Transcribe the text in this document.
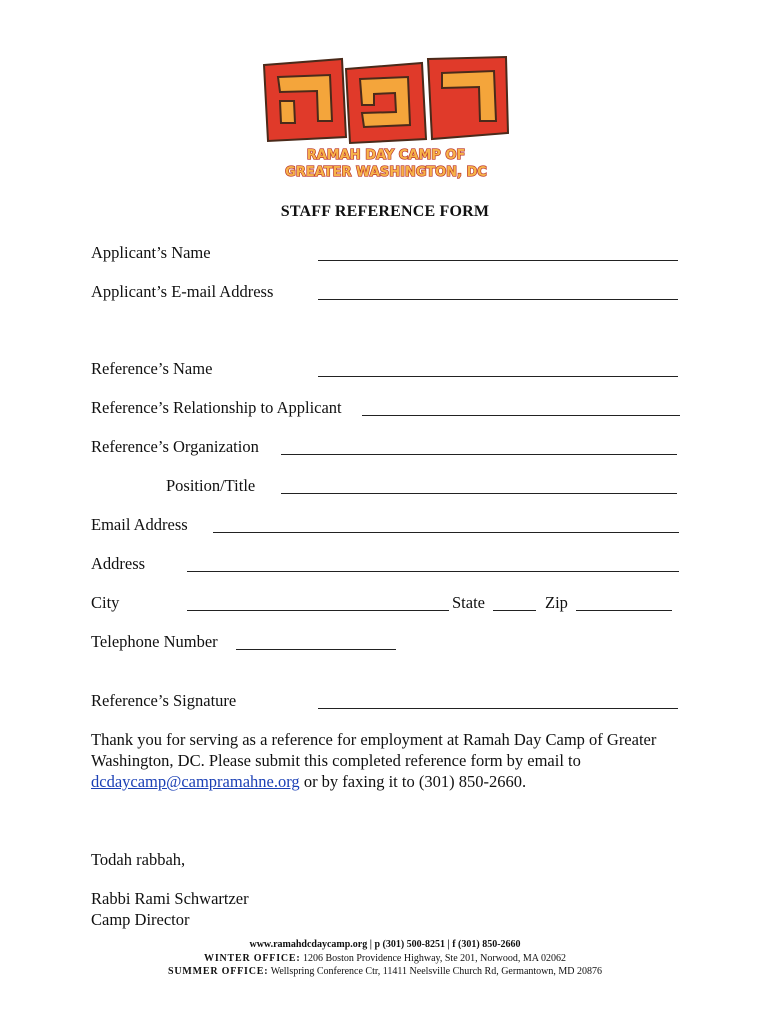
RAMAH DAY CAMP OF
GREATER WASHINGTON, DC
STAFF REFERENCE FORM
Applicant’s Name
Applicant’s E-mail Address
Reference’s Name
Reference’s Relationship to Applicant
Reference’s Organization
Position/Title
Email Address
Address
City	State	Zip
Telephone Number
Reference’s Signature
Thank you for serving as a reference for employment at Ramah Day Camp of Greater Washington, DC. Please submit this completed reference form by email to dcdaycamp@campramahne.org or by faxing it to (301) 850-2660.
Todah rabbah,
Rabbi Rami Schwartzer
Camp Director
www.ramahdcdaycamp.org | p (301) 500-8251 | f (301) 850-2660
WINTER OFFICE: 1206 Boston Providence Highway, Ste 201, Norwood, MA 02062
SUMMER OFFICE: Wellspring Conference Ctr, 11411 Neelsville Church Rd, Germantown, MD 20876
